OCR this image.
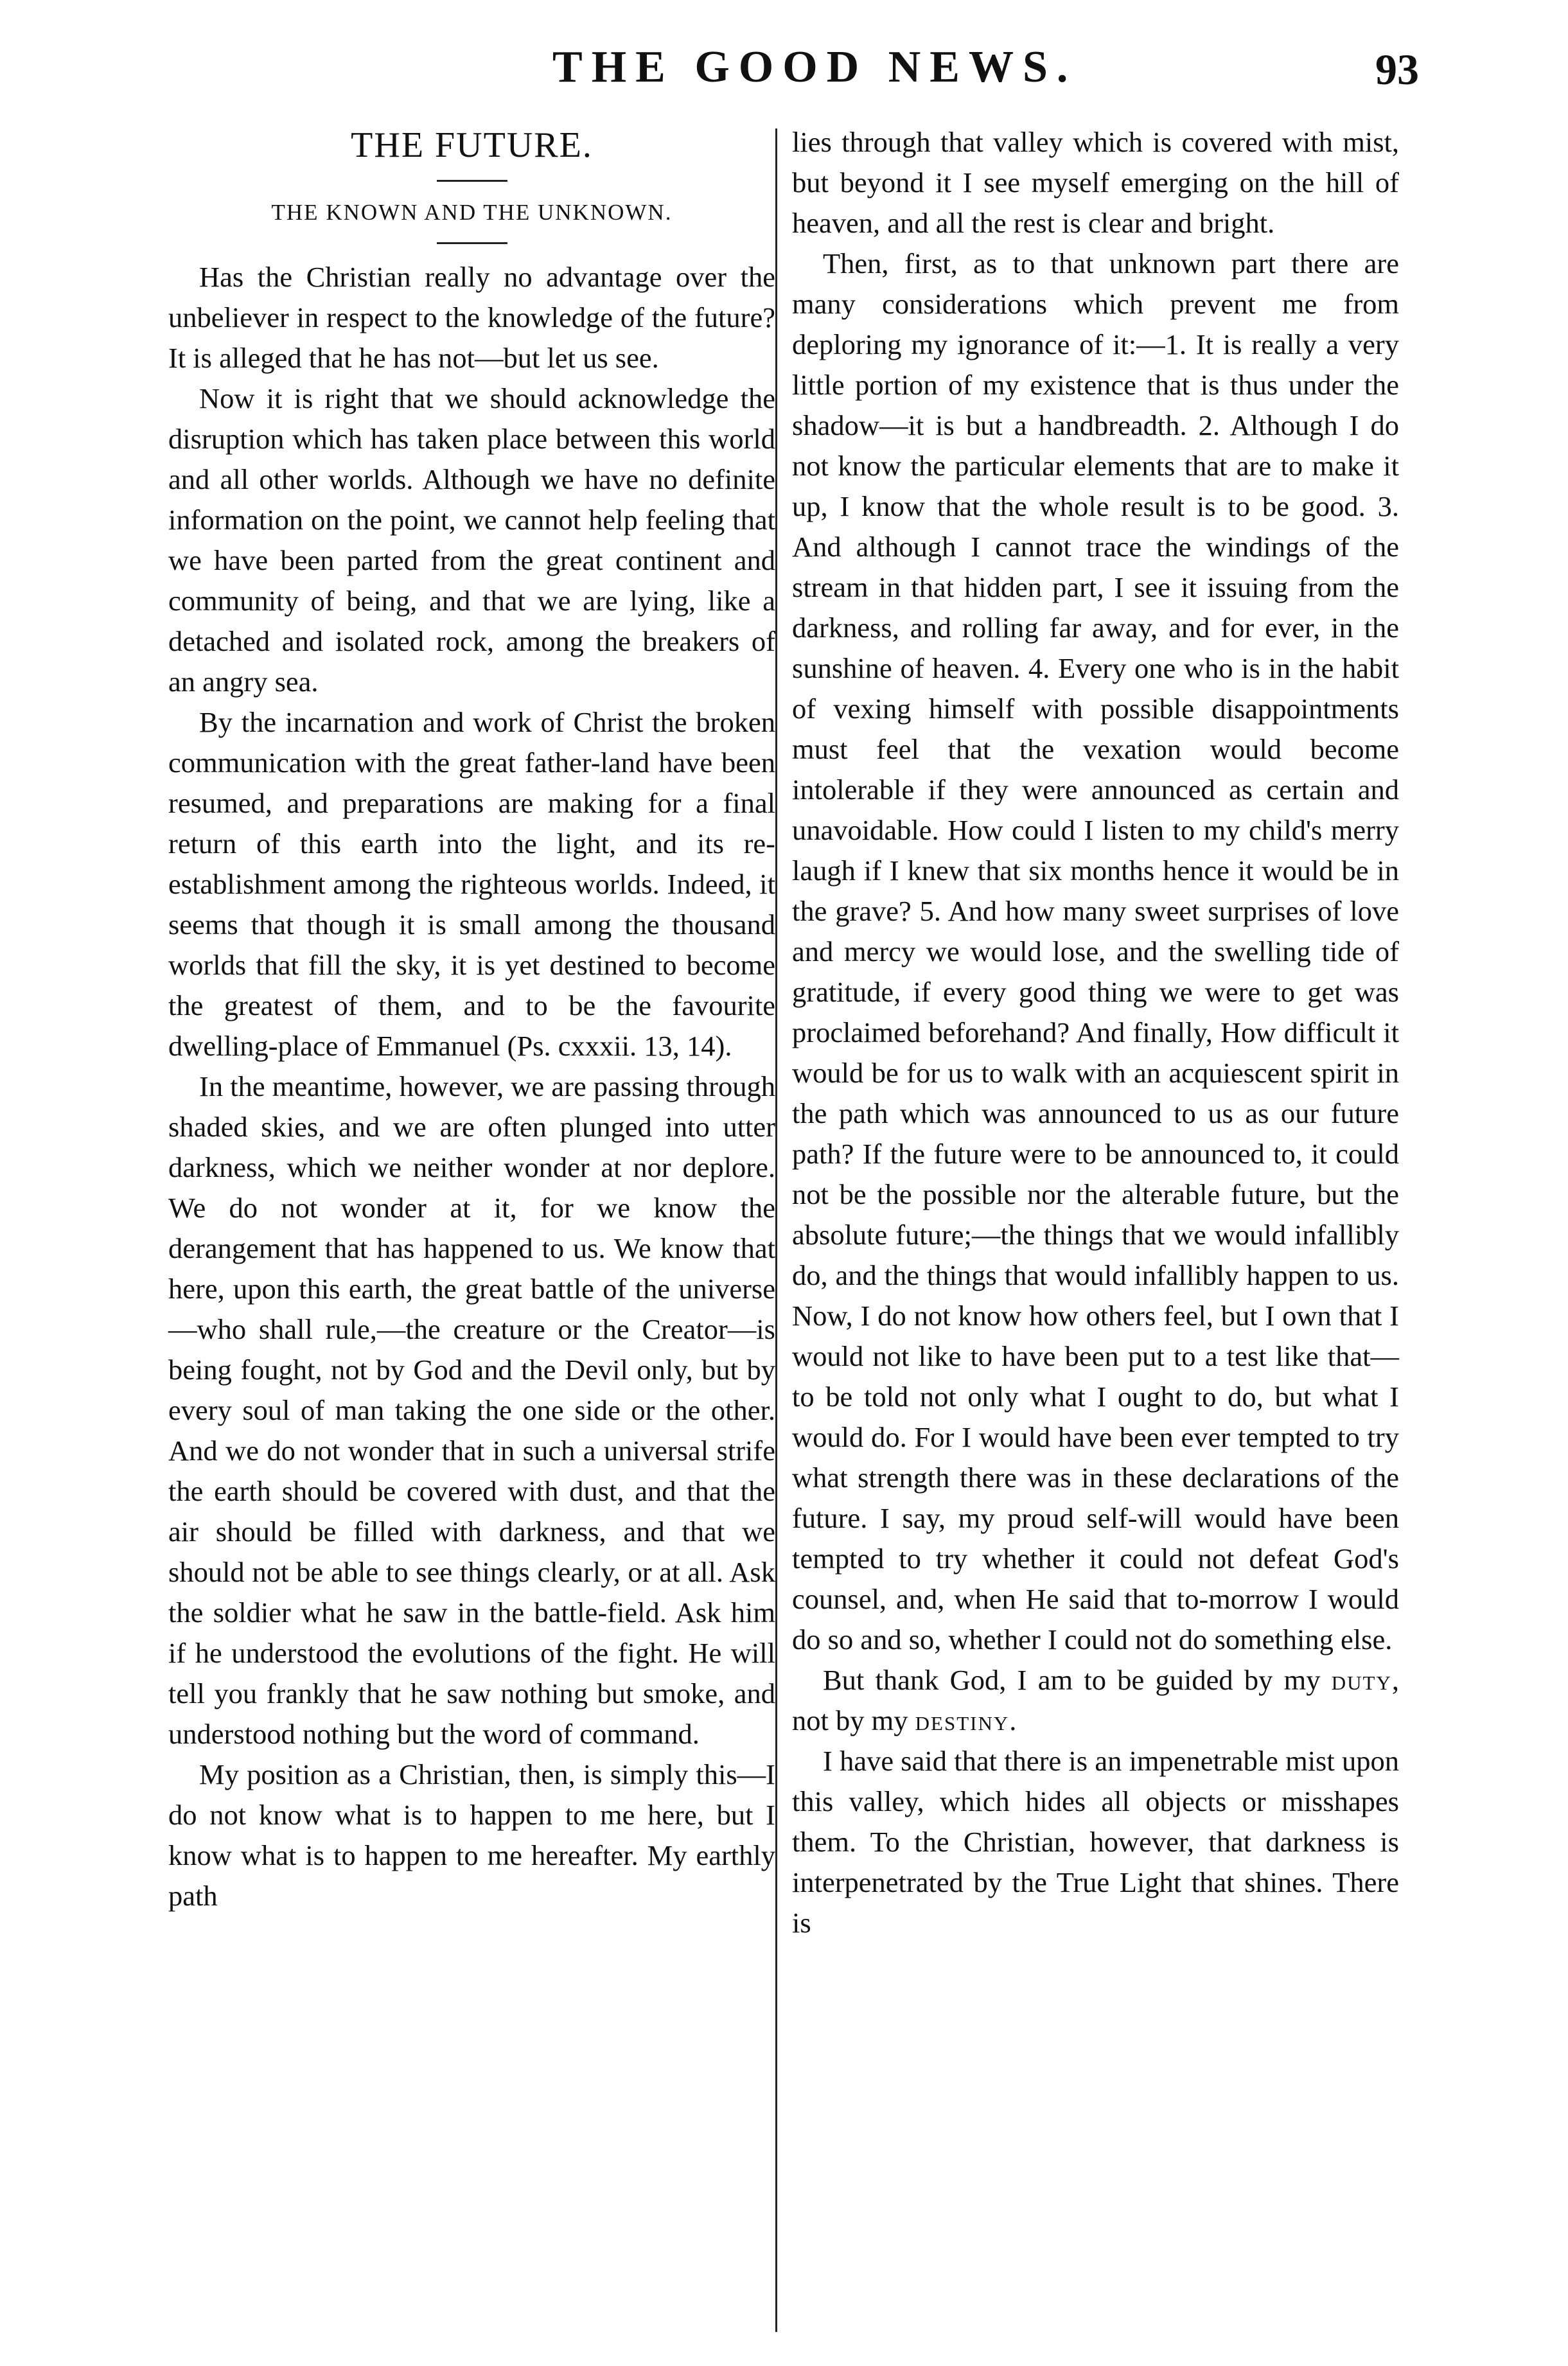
THE GOOD NEWS.	93
THE FUTURE.
THE KNOWN AND THE UNKNOWN.

Has the Christian really no advantage over the unbeliever in respect to the knowledge of the future? It is alleged that he has not—but let us see.

Now it is right that we should acknowledge the disruption which has taken place between this world and all other worlds. Although we have no definite information on the point, we cannot help feeling that we have been parted from the great continent and community of being, and that we are lying, like a detached and isolated rock, among the breakers of an angry sea.

By the incarnation and work of Christ the broken communication with the great father-land have been resumed, and preparations are making for a final return of this earth into the light, and its re-establishment among the righteous worlds. Indeed, it seems that though it is small among the thousand worlds that fill the sky, it is yet destined to become the greatest of them, and to be the favourite dwelling-place of Emmanuel (Ps. cxxxii. 13, 14).

In the meantime, however, we are passing through shaded skies, and we are often plunged into utter darkness, which we neither wonder at nor deplore. We do not wonder at it, for we know the derangement that has happened to us. We know that here, upon this earth, the great battle of the universe—who shall rule,—the creature or the Creator—is being fought, not by God and the Devil only, but by every soul of man taking the one side or the other. And we do not wonder that in such a universal strife the earth should be covered with dust, and that the air should be filled with darkness, and that we should not be able to see things clearly, or at all. Ask the soldier what he saw in the battle-field. Ask him if he understood the evolutions of the fight. He will tell you frankly that he saw nothing but smoke, and understood nothing but the word of command.

My position as a Christian, then, is simply this—I do not know what is to happen to me here, but I know what is to happen to me hereafter. My earthly path

lies through that valley which is covered with mist, but beyond it I see myself emerging on the hill of heaven, and all the rest is clear and bright.

Then, first, as to that unknown part there are many considerations which prevent me from deploring my ignorance of it:—1. It is really a very little portion of my existence that is thus under the shadow—it is but a handbreadth. 2. Although I do not know the particular elements that are to make it up, I know that the whole result is to be good. 3. And although I cannot trace the windings of the stream in that hidden part, I see it issuing from the darkness, and rolling far away, and for ever, in the sunshine of heaven. 4. Every one who is in the habit of vexing himself with possible disappointments must feel that the vexation would become intolerable if they were announced as certain and unavoidable. How could I listen to my child's merry laugh if I knew that six months hence it would be in the grave? 5. And how many sweet surprises of love and mercy we would lose, and the swelling tide of gratitude, if every good thing we were to get was proclaimed beforehand? And finally, How difficult it would be for us to walk with an acquiescent spirit in the path which was announced to us as our future path? If the future were to be announced to, it could not be the possible nor the alterable future, but the absolute future;—the things that we would infallibly do, and the things that would infallibly happen to us. Now, I do not know how others feel, but I own that I would not like to have been put to a test like that—to be told not only what I ought to do, but what I would do. For I would have been ever tempted to try what strength there was in these declarations of the future. I say, my proud self-will would have been tempted to try whether it could not defeat God's counsel, and, when He said that to-morrow I would do so and so, whether I could not do something else.

But thank God, I am to be guided by my duty, not by my destiny.

I have said that there is an impenetrable mist upon this valley, which hides all objects or misshapes them. To the Christian, however, that darkness is interpenetrated by the True Light that shines. There is
